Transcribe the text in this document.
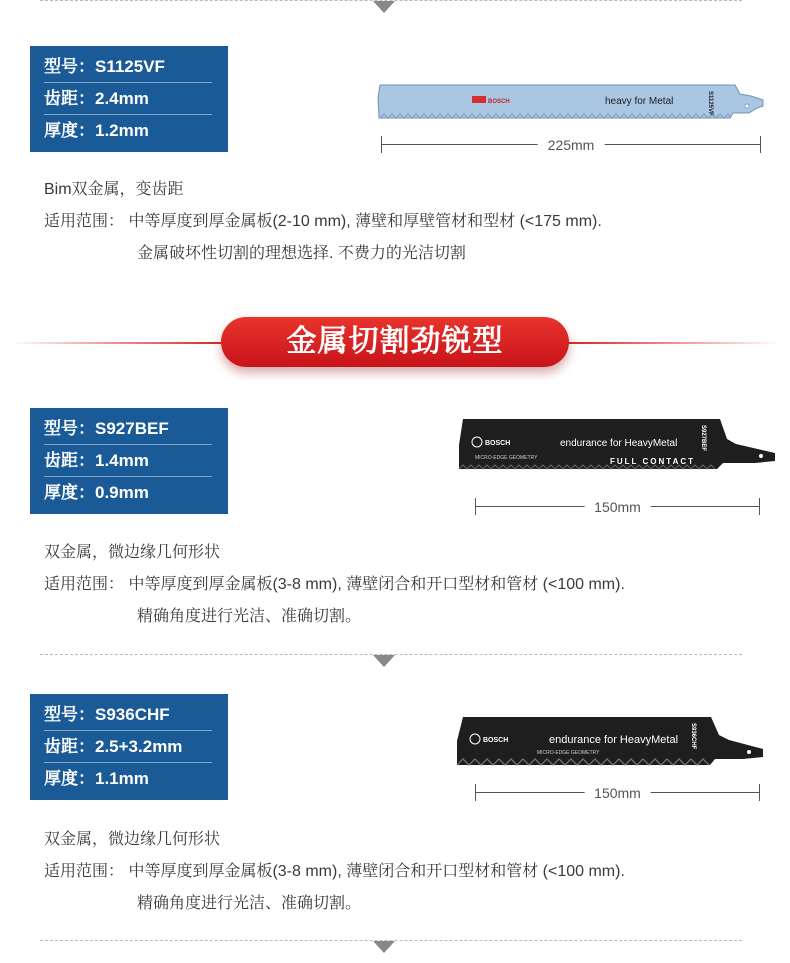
型号：S1125VF
齿距：2.4mm
厚度：1.2mm
BOSCH	heavy for Metal	S1125VF
225mm
Bim双金属，变齿距
适用范围： 中等厚度到厚金属板(2-10 mm), 薄壁和厚壁管材和型材 (<175 mm).
金属破坏性切割的理想选择. 不费力的光洁切割
金属切割劲锐型
型号：S927BEF
齿距：1.4mm
厚度：0.9mm
BOSCH	endurance for HeavyMetal
MICRO-EDGE GEOMETRY	FULL CONTACT
S927BEF
150mm
双金属，微边缘几何形状
适用范围： 中等厚度到厚金属板(3-8 mm), 薄壁闭合和开口型材和管材 (<100 mm).
精确角度进行光洁、准确切割。
型号：S936CHF
齿距：2.5+3.2mm
厚度：1.1mm
BOSCH	endurance for HeavyMetal
MICRO-EDGE GEOMETRY
S936CHF
150mm
双金属，微边缘几何形状
适用范围： 中等厚度到厚金属板(3-8 mm), 薄壁闭合和开口型材和管材 (<100 mm).
精确角度进行光洁、准确切割。
